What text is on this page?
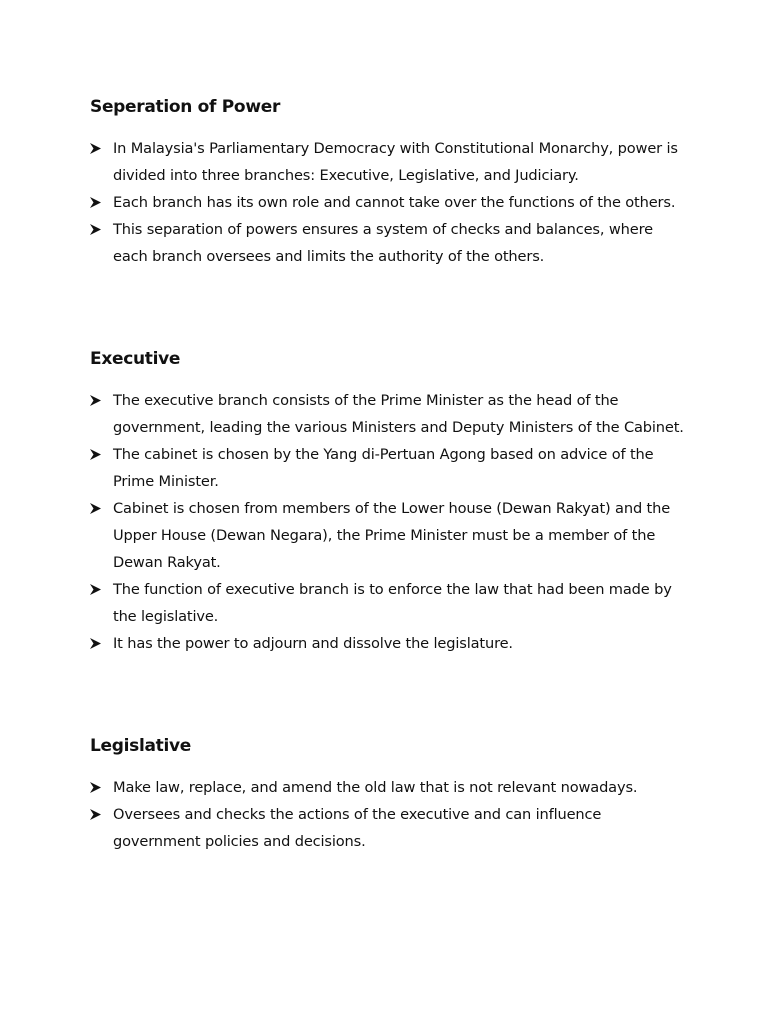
Seperation of Power
In Malaysia's Parliamentary Democracy with Constitutional Monarchy, power is divided into three branches: Executive, Legislative, and Judiciary.
Each branch has its own role and cannot take over the functions of the others.
This separation of powers ensures a system of checks and balances, where each branch oversees and limits the authority of the others.
Executive
The executive branch consists of the Prime Minister as the head of the government, leading the various Ministers and Deputy Ministers of the Cabinet.
The cabinet is chosen by the Yang di-Pertuan Agong based on advice of the Prime Minister.
Cabinet is chosen from members of the Lower house (Dewan Rakyat) and the Upper House (Dewan Negara), the Prime Minister must be a member of the Dewan Rakyat.
The function of executive branch is to enforce the law that had been made by the legislative.
It has the power to adjourn and dissolve the legislature.
Legislative
Make law, replace, and amend the old law that is not relevant nowadays.
Oversees and checks the actions of the executive and can influence government policies and decisions.
